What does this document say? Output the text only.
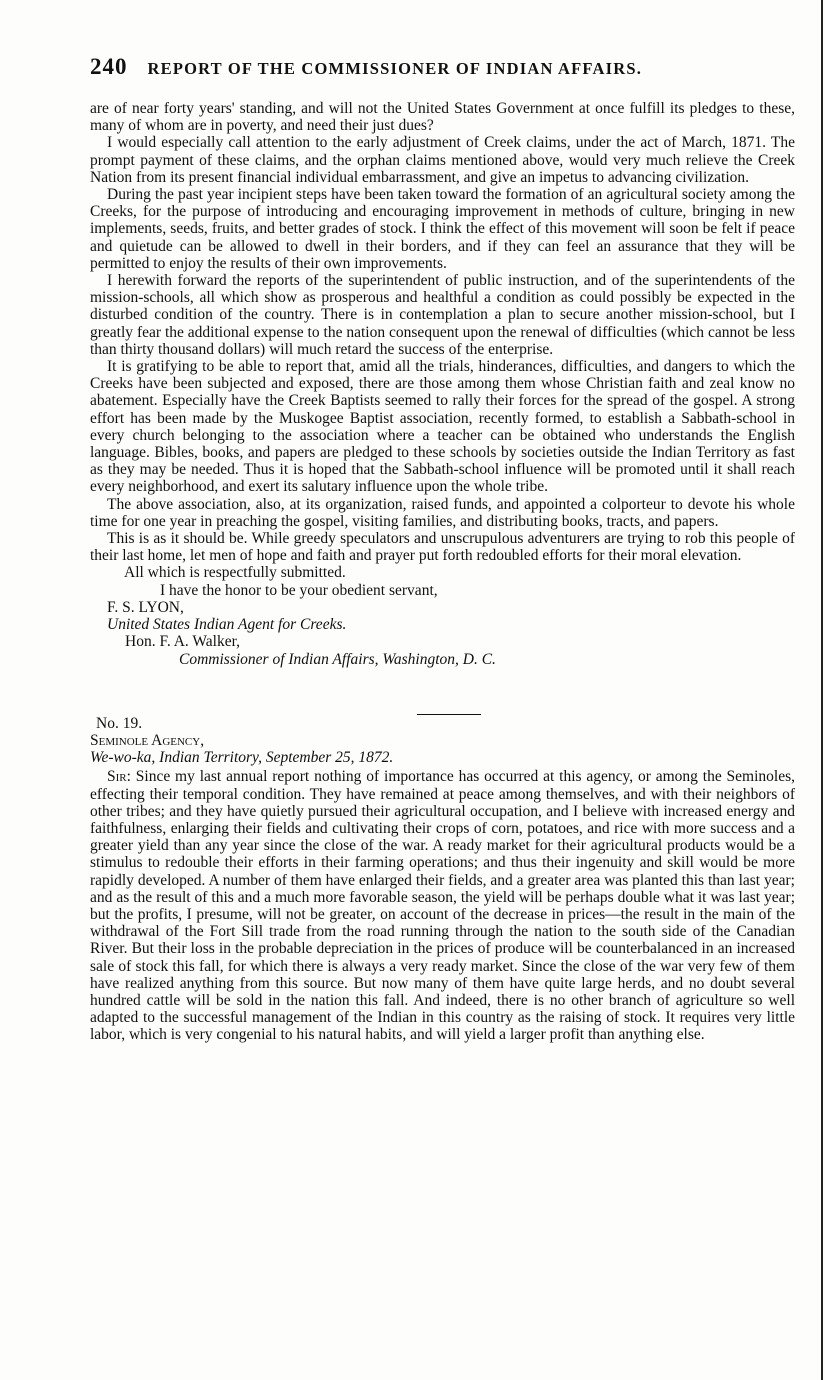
240 REPORT OF THE COMMISSIONER OF INDIAN AFFAIRS.

are of near forty years' standing, and will not the United States Government at once fulfill its pledges to these, many of whom are in poverty, and need their just dues?

I would especially call attention to the early adjustment of Creek claims, under the act of March, 1871. The prompt payment of these claims, and the orphan claims mentioned above, would very much relieve the Creek Nation from its present financial individual embarrassment, and give an impetus to advancing civilization.

During the past year incipient steps have been taken toward the formation of an agricultural society among the Creeks, for the purpose of introducing and encouraging improvement in methods of culture, bringing in new implements, seeds, fruits, and better grades of stock. I think the effect of this movement will soon be felt if peace and quietude can be allowed to dwell in their borders, and if they can feel an assurance that they will be permitted to enjoy the results of their own improvements.

I herewith forward the reports of the superintendent of public instruction, and of the superintendents of the mission-schools, all which show as prosperous and healthful a condition as could possibly be expected in the disturbed condition of the country. There is in contemplation a plan to secure another mission-school, but I greatly fear the additional expense to the nation consequent upon the renewal of difficulties (which cannot be less than thirty thousand dollars) will much retard the success of the enterprise.

It is gratifying to be able to report that, amid all the trials, hinderances, difficulties, and dangers to which the Creeks have been subjected and exposed, there are those among them whose Christian faith and zeal know no abatement. Especially have the Creek Baptists seemed to rally their forces for the spread of the gospel. A strong effort has been made by the Muskogee Baptist association, recently formed, to establish a Sabbath-school in every church belonging to the association where a teacher can be obtained who understands the English language. Bibles, books, and papers are pledged to these schools by societies outside the Indian Territory as fast as they may be needed. Thus it is hoped that the Sabbath-school influence will be promoted until it shall reach every neighborhood, and exert its salutary influence upon the whole tribe.

The above association, also, at its organization, raised funds, and appointed a colporteur to devote his whole time for one year in preaching the gospel, visiting families, and distributing books, tracts, and papers.

This is as it should be. While greedy speculators and unscrupulous adventurers are trying to rob this people of their last home, let men of hope and faith and prayer put forth redoubled efforts for their moral elevation.

All which is respectfully submitted.

I have the honor to be your obedient servant,

F. S. LYON,

United States Indian Agent for Creeks.

Hon. F. A. Walker,

Commissioner of Indian Affairs, Washington, D. C.

No. 19.

Seminole Agency,

We-wo-ka, Indian Territory, September 25, 1872.

Sir: Since my last annual report nothing of importance has occurred at this agency, or among the Seminoles, effecting their temporal condition. They have remained at peace among themselves, and with their neighbors of other tribes; and they have quietly pursued their agricultural occupation, and I believe with increased energy and faithfulness, enlarging their fields and cultivating their crops of corn, potatoes, and rice with more success and a greater yield than any year since the close of the war. A ready market for their agricultural products would be a stimulus to redouble their efforts in their farming operations; and thus their ingenuity and skill would be more rapidly developed. A number of them have enlarged their fields, and a greater area was planted this than last year; and as the result of this and a much more favorable season, the yield will be perhaps double what it was last year; but the profits, I presume, will not be greater, on account of the decrease in prices—the result in the main of the withdrawal of the Fort Sill trade from the road running through the nation to the south side of the Canadian River. But their loss in the probable depreciation in the prices of produce will be counterbalanced in an increased sale of stock this fall, for which there is always a very ready market. Since the close of the war very few of them have realized anything from this source. But now many of them have quite large herds, and no doubt several hundred cattle will be sold in the nation this fall. And indeed, there is no other branch of agriculture so well adapted to the successful management of the Indian in this country as the raising of stock. It requires very little labor, which is very congenial to his natural habits, and will yield a larger profit than anything else.
